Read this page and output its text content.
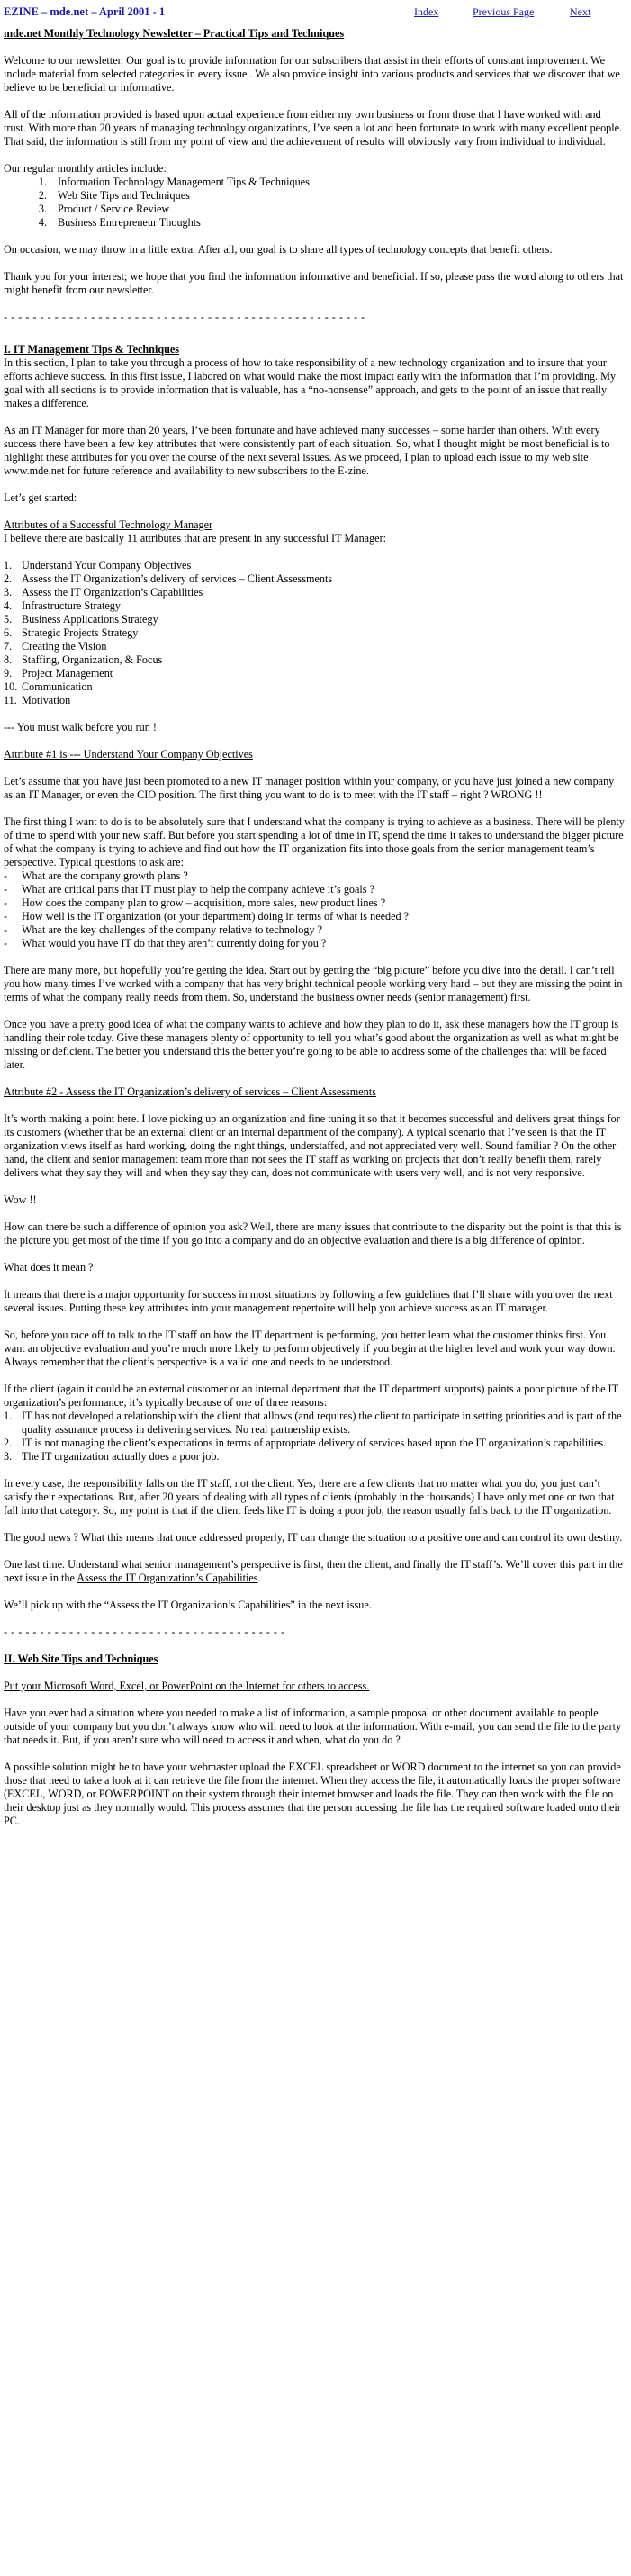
EZINE – mde.net – April 2001 - 1	Index	Previous Page	Next

mde.net Monthly Technology Newsletter – Practical Tips and Techniques

Welcome to our newsletter. Our goal is to provide information for our subscribers that assist in their efforts of constant improvement. We include material from selected categories in every issue . We also provide insight into various products and services that we discover that we believe to be beneficial or informative.

All of the information provided is based upon actual experience from either my own business or from those that I have worked with and trust. With more than 20 years of managing technology organizations, I’ve seen a lot and been fortunate to work with many excellent people. That said, the information is still from my point of view and the achievement of results will obviously vary from individual to individual.

Our regular monthly articles include:
1. Information Technology Management Tips & Techniques
2. Web Site Tips and Techniques
3. Product / Service Review
4. Business Entrepreneur Thoughts

On occasion, we may throw in a little extra. After all, our goal is to share all types of technology concepts that benefit others.

Thank you for your interest; we hope that you find the information informative and beneficial. If so, please pass the word along to others that might benefit from our newsletter.

- - - - - - - - - - - - - - - - - - - - - - - - - - - - - - - - - - - - - - - - - - - - - - - - - -
I. IT Management Tips & Techniques

In this section, I plan to take you through a process of how to take responsibility of a new technology organization and to insure that your efforts achieve success. In this first issue, I labored on what would make the most impact early with the information that I’m providing. My goal with all sections is to provide information that is valuable, has a “no-nonsense” approach, and gets to the point of an issue that really makes a difference.

As an IT Manager for more than 20 years, I’ve been fortunate and have achieved many successes – some harder than others. With every success there have been a few key attributes that were consistently part of each situation. So, what I thought might be most beneficial is to highlight these attributes for you over the course of the next several issues. As we proceed, I plan to upload each issue to my web site www.mde.net for future reference and availability to new subscribers to the E-zine.

Let’s get started:

Attributes of a Successful Technology Manager

I believe there are basically 11 attributes that are present in any successful IT Manager:

1. Understand Your Company Objectives
2. Assess the IT Organization’s delivery of services – Client Assessments
3. Assess the IT Organization’s Capabilities
4. Infrastructure Strategy
5. Business Applications Strategy
6. Strategic Projects Strategy
7. Creating the Vision
8. Staffing, Organization, & Focus
9. Project Management
10. Communication
11. Motivation

--- You must walk before you run !

Attribute #1 is --- Understand Your Company Objectives

Let’s assume that you have just been promoted to a new IT manager position within your company, or you have just joined a new company as an IT Manager, or even the CIO position. The first thing you want to do is to meet with the IT staff – right ? WRONG !!

The first thing I want to do is to be absolutely sure that I understand what the company is trying to achieve as a business. There will be plenty of time to spend with your new staff. But before you start spending a lot of time in IT, spend the time it takes to understand the bigger picture of what the company is trying to achieve and find out how the IT organization fits into those goals from the senior management team’s perspective. Typical questions to ask are:
- What are the company growth plans ?
- What are critical parts that IT must play to help the company achieve it’s goals ?
- How does the company plan to grow – acquisition, more sales, new product lines ?
- How well is the IT organization (or your department) doing in terms of what is needed ?
- What are the key challenges of the company relative to technology ?
- What would you have IT do that they aren’t currently doing for you ?

There are many more, but hopefully you’re getting the idea. Start out by getting the “big picture” before you dive into the detail. I can’t tell you how many times I’ve worked with a company that has very bright technical people working very hard – but they are missing the point in terms of what the company really needs from them. So, understand the business owner needs (senior management) first.

Once you have a pretty good idea of what the company wants to achieve and how they plan to do it, ask these managers how the IT group is handling their role today. Give these managers plenty of opportunity to tell you what’s good about the organization as well as what might be missing or deficient. The better you understand this the better you’re going to be able to address some of the challenges that will be faced later.

Attribute #2 - Assess the IT Organization’s delivery of services – Client Assessments

It’s worth making a point here. I love picking up an organization and fine tuning it so that it becomes successful and delivers great things for its customers (whether that be an external client or an internal department of the company). A typical scenario that I’ve seen is that the IT organization views itself as hard working, doing the right things, understaffed, and not appreciated very well. Sound familiar ? On the other hand, the client and senior management team more than not sees the IT staff as working on projects that don’t really benefit them, rarely delivers what they say they will and when they say they can, does not communicate with users very well, and is not very responsive.

Wow !!

How can there be such a difference of opinion you ask? Well, there are many issues that contribute to the disparity but the point is that this is the picture you get most of the time if you go into a company and do an objective evaluation and there is a big difference of opinion.

What does it mean ?

It means that there is a major opportunity for success in most situations by following a few guidelines that I’ll share with you over the next several issues. Putting these key attributes into your management repertoire will help you achieve success as an IT manager.

So, before you race off to talk to the IT staff on how the IT department is performing, you better learn what the customer thinks first. You want an objective evaluation and you’re much more likely to perform objectively if you begin at the higher level and work your way down. Always remember that the client’s perspective is a valid one and needs to be understood.

If the client (again it could be an external customer or an internal department that the IT department supports) paints a poor picture of the IT organization’s performance, it’s typically because of one of three reasons:
1. IT has not developed a relationship with the client that allows (and requires) the client to participate in setting priorities and is part of the quality assurance process in delivering services. No real partnership exists.
2. IT is not managing the client’s expectations in terms of appropriate delivery of services based upon the IT organization’s capabilities.
3. The IT organization actually does a poor job.

In every case, the responsibility falls on the IT staff, not the client. Yes, there are a few clients that no matter what you do, you just can’t satisfy their expectations. But, after 20 years of dealing with all types of clients (probably in the thousands) I have only met one or two that fall into that category. So, my point is that if the client feels like IT is doing a poor job, the reason usually falls back to the IT organization.

The good news ? What this means that once addressed properly, IT can change the situation to a positive one and can control its own destiny.

One last time. Understand what senior management’s perspective is first, then the client, and finally the IT staff’s. We’ll cover this part in the next issue in the Assess the IT Organization’s Capabilities.

We’ll pick up with the “Assess the IT Organization’s Capabilities” in the next issue.

- - - - - - - - - - - - - - - - - - - - - - - - - - - - - - - - - - - - - - -

II. Web Site Tips and Techniques

Put your Microsoft Word, Excel, or PowerPoint on the Internet for others to access.

Have you ever had a situation where you needed to make a list of information, a sample proposal or other document available to people outside of your company but you don’t always know who will need to look at the information. With e-mail, you can send the file to the party that needs it. But, if you aren’t sure who will need to access it and when, what do you do ?

A possible solution might be to have your webmaster upload the EXCEL spreadsheet or WORD document to the internet so you can provide those that need to take a look at it can retrieve the file from the internet. When they access the file, it automatically loads the proper software (EXCEL, WORD, or POWERPOINT on their system through their internet browser and loads the file. They can then work with the file on their desktop just as they normally would. This process assumes that the person accessing the file has the required software loaded onto their PC.
